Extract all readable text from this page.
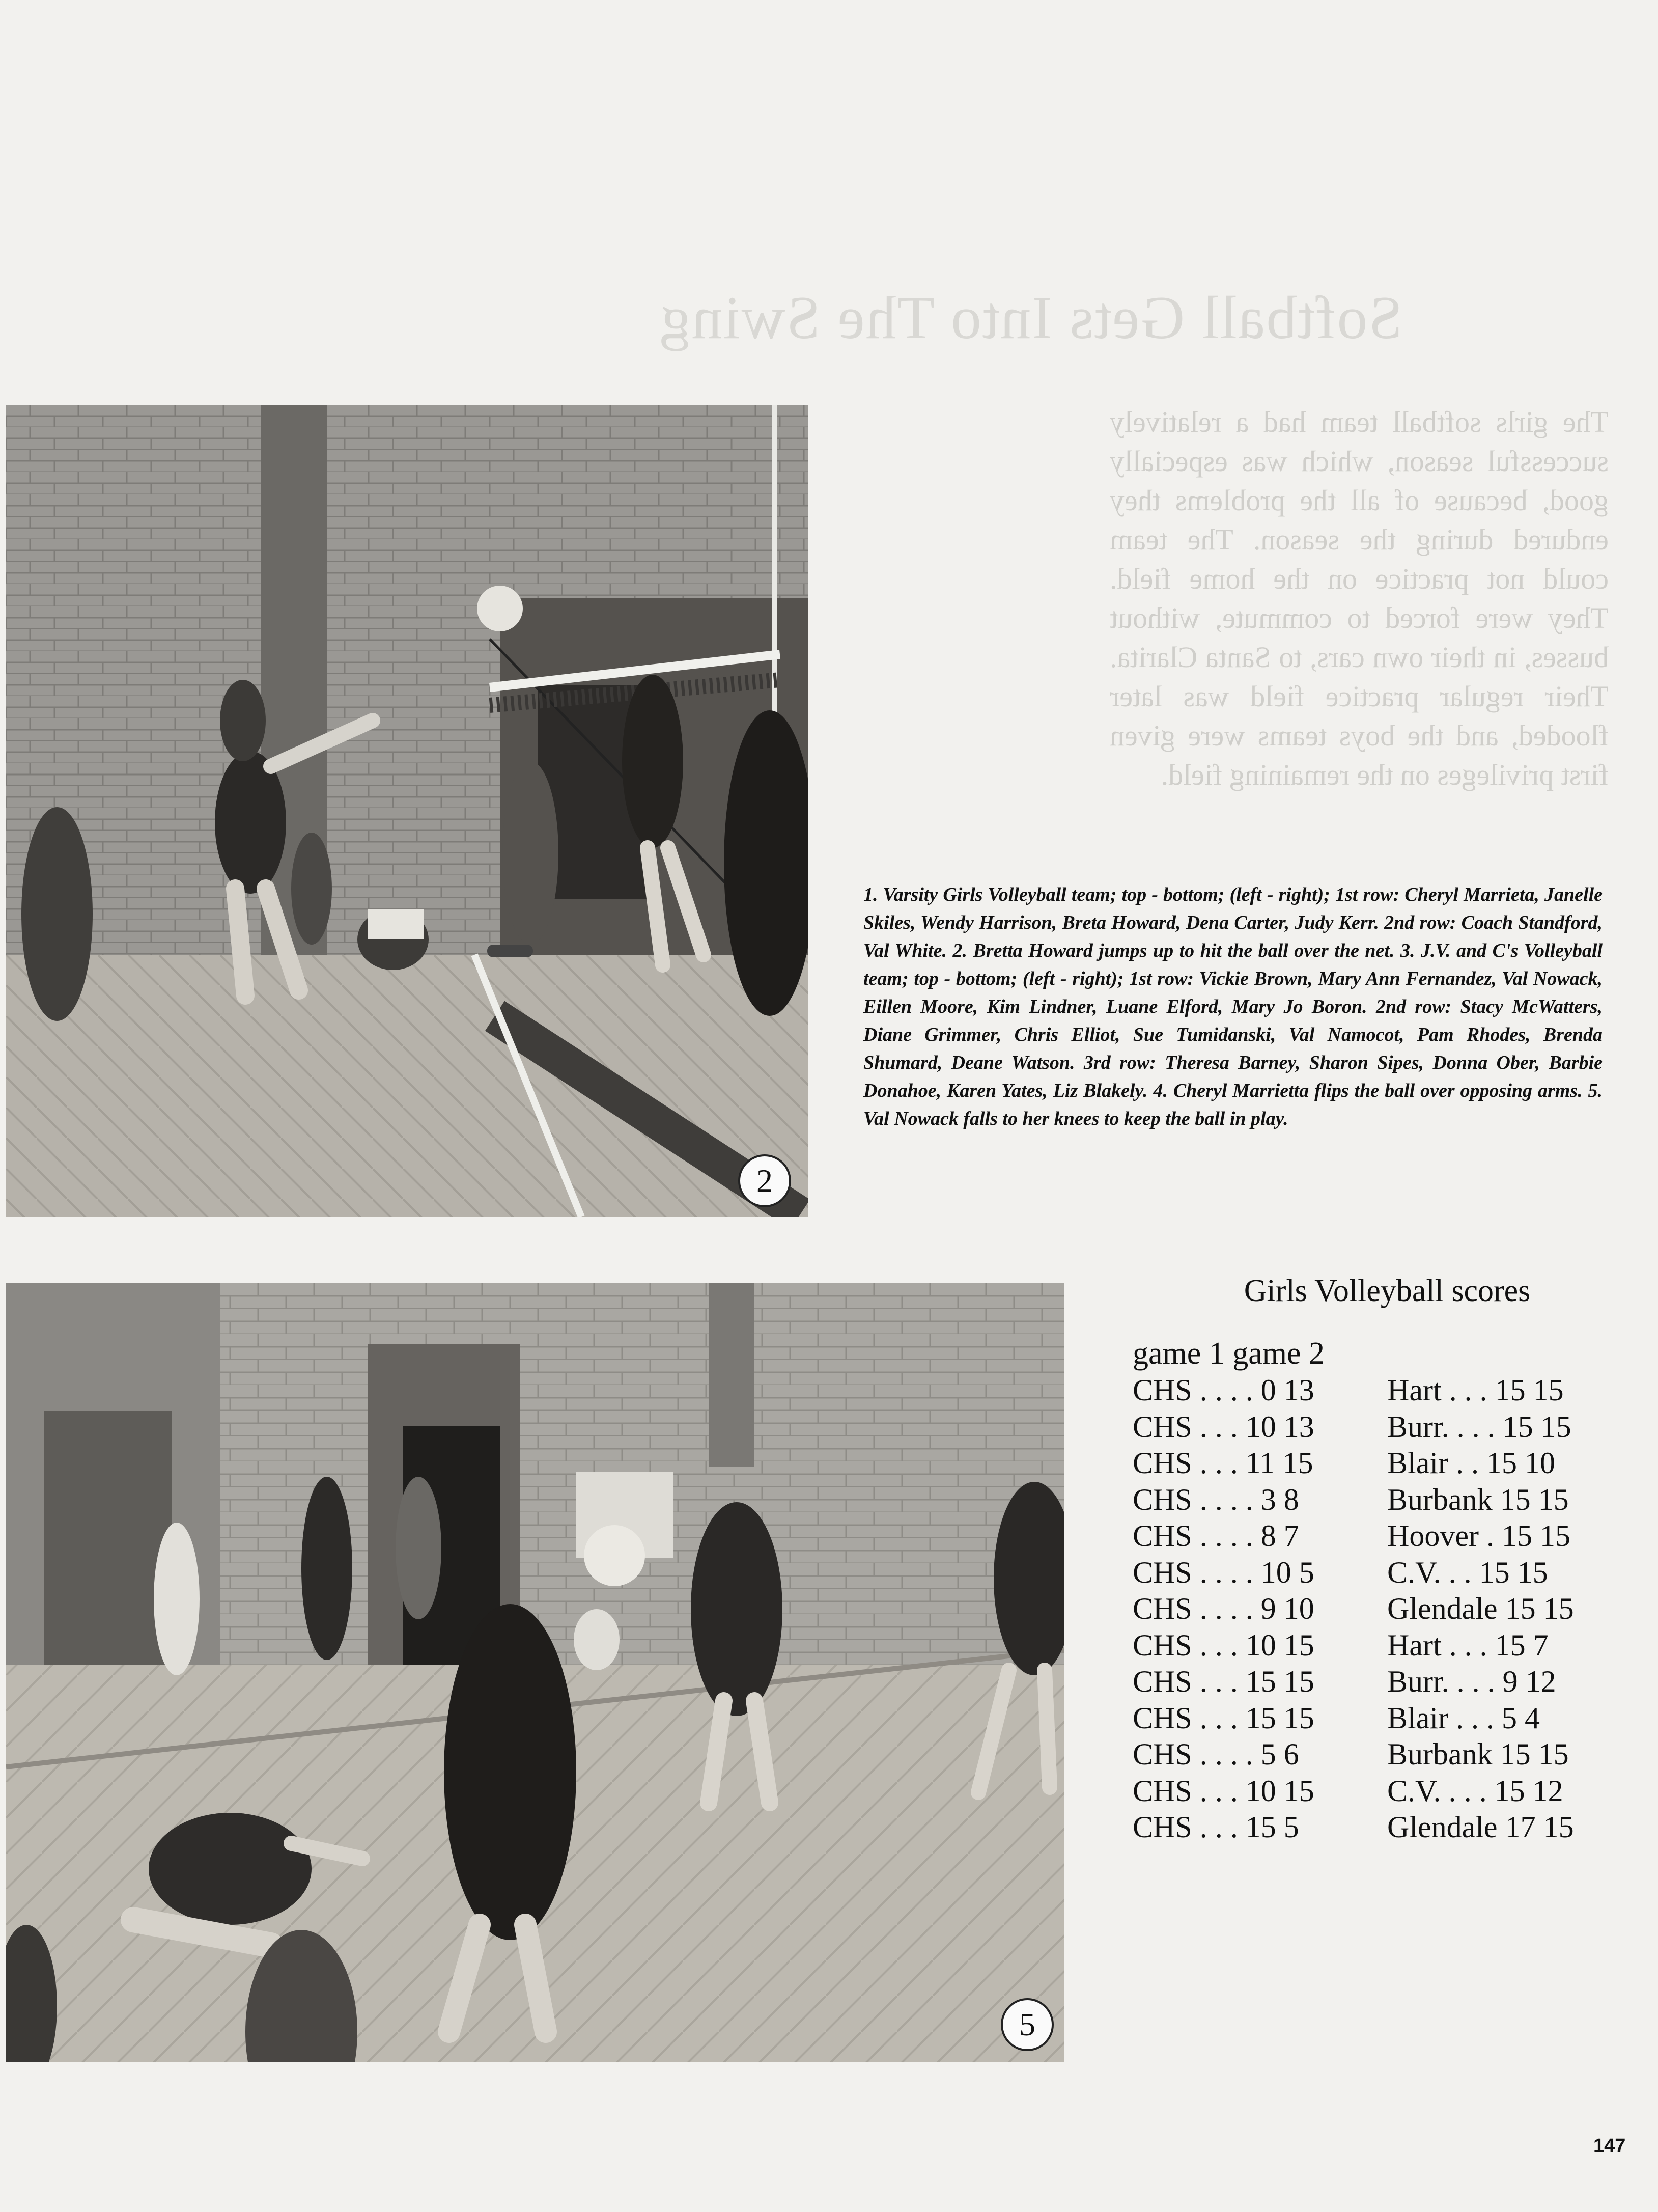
Softball Gets Into The Swing
The girls softball team had a relatively successful season, which was especially good, because of all the problems they endured during the season. The team could not practice on the home field. They were forced to commute, without busses, in their own cars, to Santa Clarita. Their regular practice field was later flooded, and the boys teams were given first privileges on the remaining field.
2
1. Varsity Girls Volleyball team; top - bottom; (left - right); 1st row: Cheryl Marrieta, Janelle Skiles, Wendy Harrison, Breta Howard, Dena Carter, Judy Kerr. 2nd row: Coach Standford, Val White. 2. Bretta Howard jumps up to hit the ball over the net. 3. J.V. and C's Volleyball team; top - bottom; (left - right); 1st row: Vickie Brown, Mary Ann Fernandez, Val Nowack, Eillen Moore, Kim Lindner, Luane Elford, Mary Jo Boron. 2nd row: Stacy McWatters, Diane Grimmer, Chris Elliot, Sue Tumidanski, Val Namocot, Pam Rhodes, Brenda Shumard, Deane Watson. 3rd row: Theresa Barney, Sharon Sipes, Donna Ober, Barbie Donahoe, Karen Yates, Liz Blakely. 4. Cheryl Marrietta flips the ball over opposing arms. 5. Val Nowack falls to her knees to keep the ball in play.
5
Girls Volleyball scores
game 1 game 2
CHS . . . . 0 13	Hart . . . 15 15
CHS . . . 10 13	Burr. . . . 15 15
CHS . . . 11 15	Blair . . 15 10
CHS . . . . 3 8	Burbank 15 15
CHS . . . . 8 7	Hoover . 15 15
CHS . . . . 10 5	C.V. . . 15 15
CHS . . . . 9 10	Glendale 15 15
CHS . . . 10 15	Hart . . . 15 7
CHS . . . 15 15	Burr. . . . 9 12
CHS . . . 15 15	Blair . . . 5 4
CHS . . . . 5 6	Burbank 15 15
CHS . . . 10 15	C.V. . . . 15 12
CHS . . . 15 5	Glendale 17 15
147
